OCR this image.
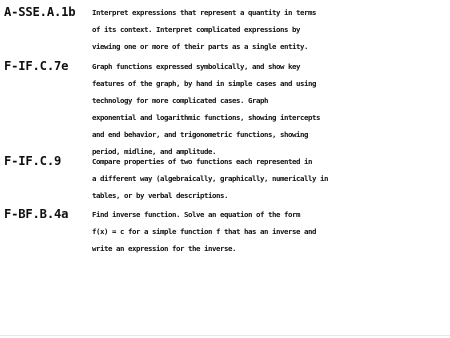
A-SSE.A.1b Interpret expressions that represent a quantity in terms
of its context. Interpret complicated expressions by
viewing one or more of their parts as a single entity.
F-IF.C.7e	Graph functions expressed symbolically, and show key
features of the graph, by hand in simple cases and using
technology for more complicated cases. Graph
exponential and logarithmic functions, showing intercepts
and end behavior, and trigonometric functions, showing
period, midline, and amplitude.
F-IF.C.9	Compare properties of two functions each represented in
a different way (algebraically, graphically, numerically in
tables, or by verbal descriptions.
F-BF.B.4a	Find inverse function. Solve an equation of the form
f(x) = c for a simple function f that has an inverse and
write an expression for the inverse.
